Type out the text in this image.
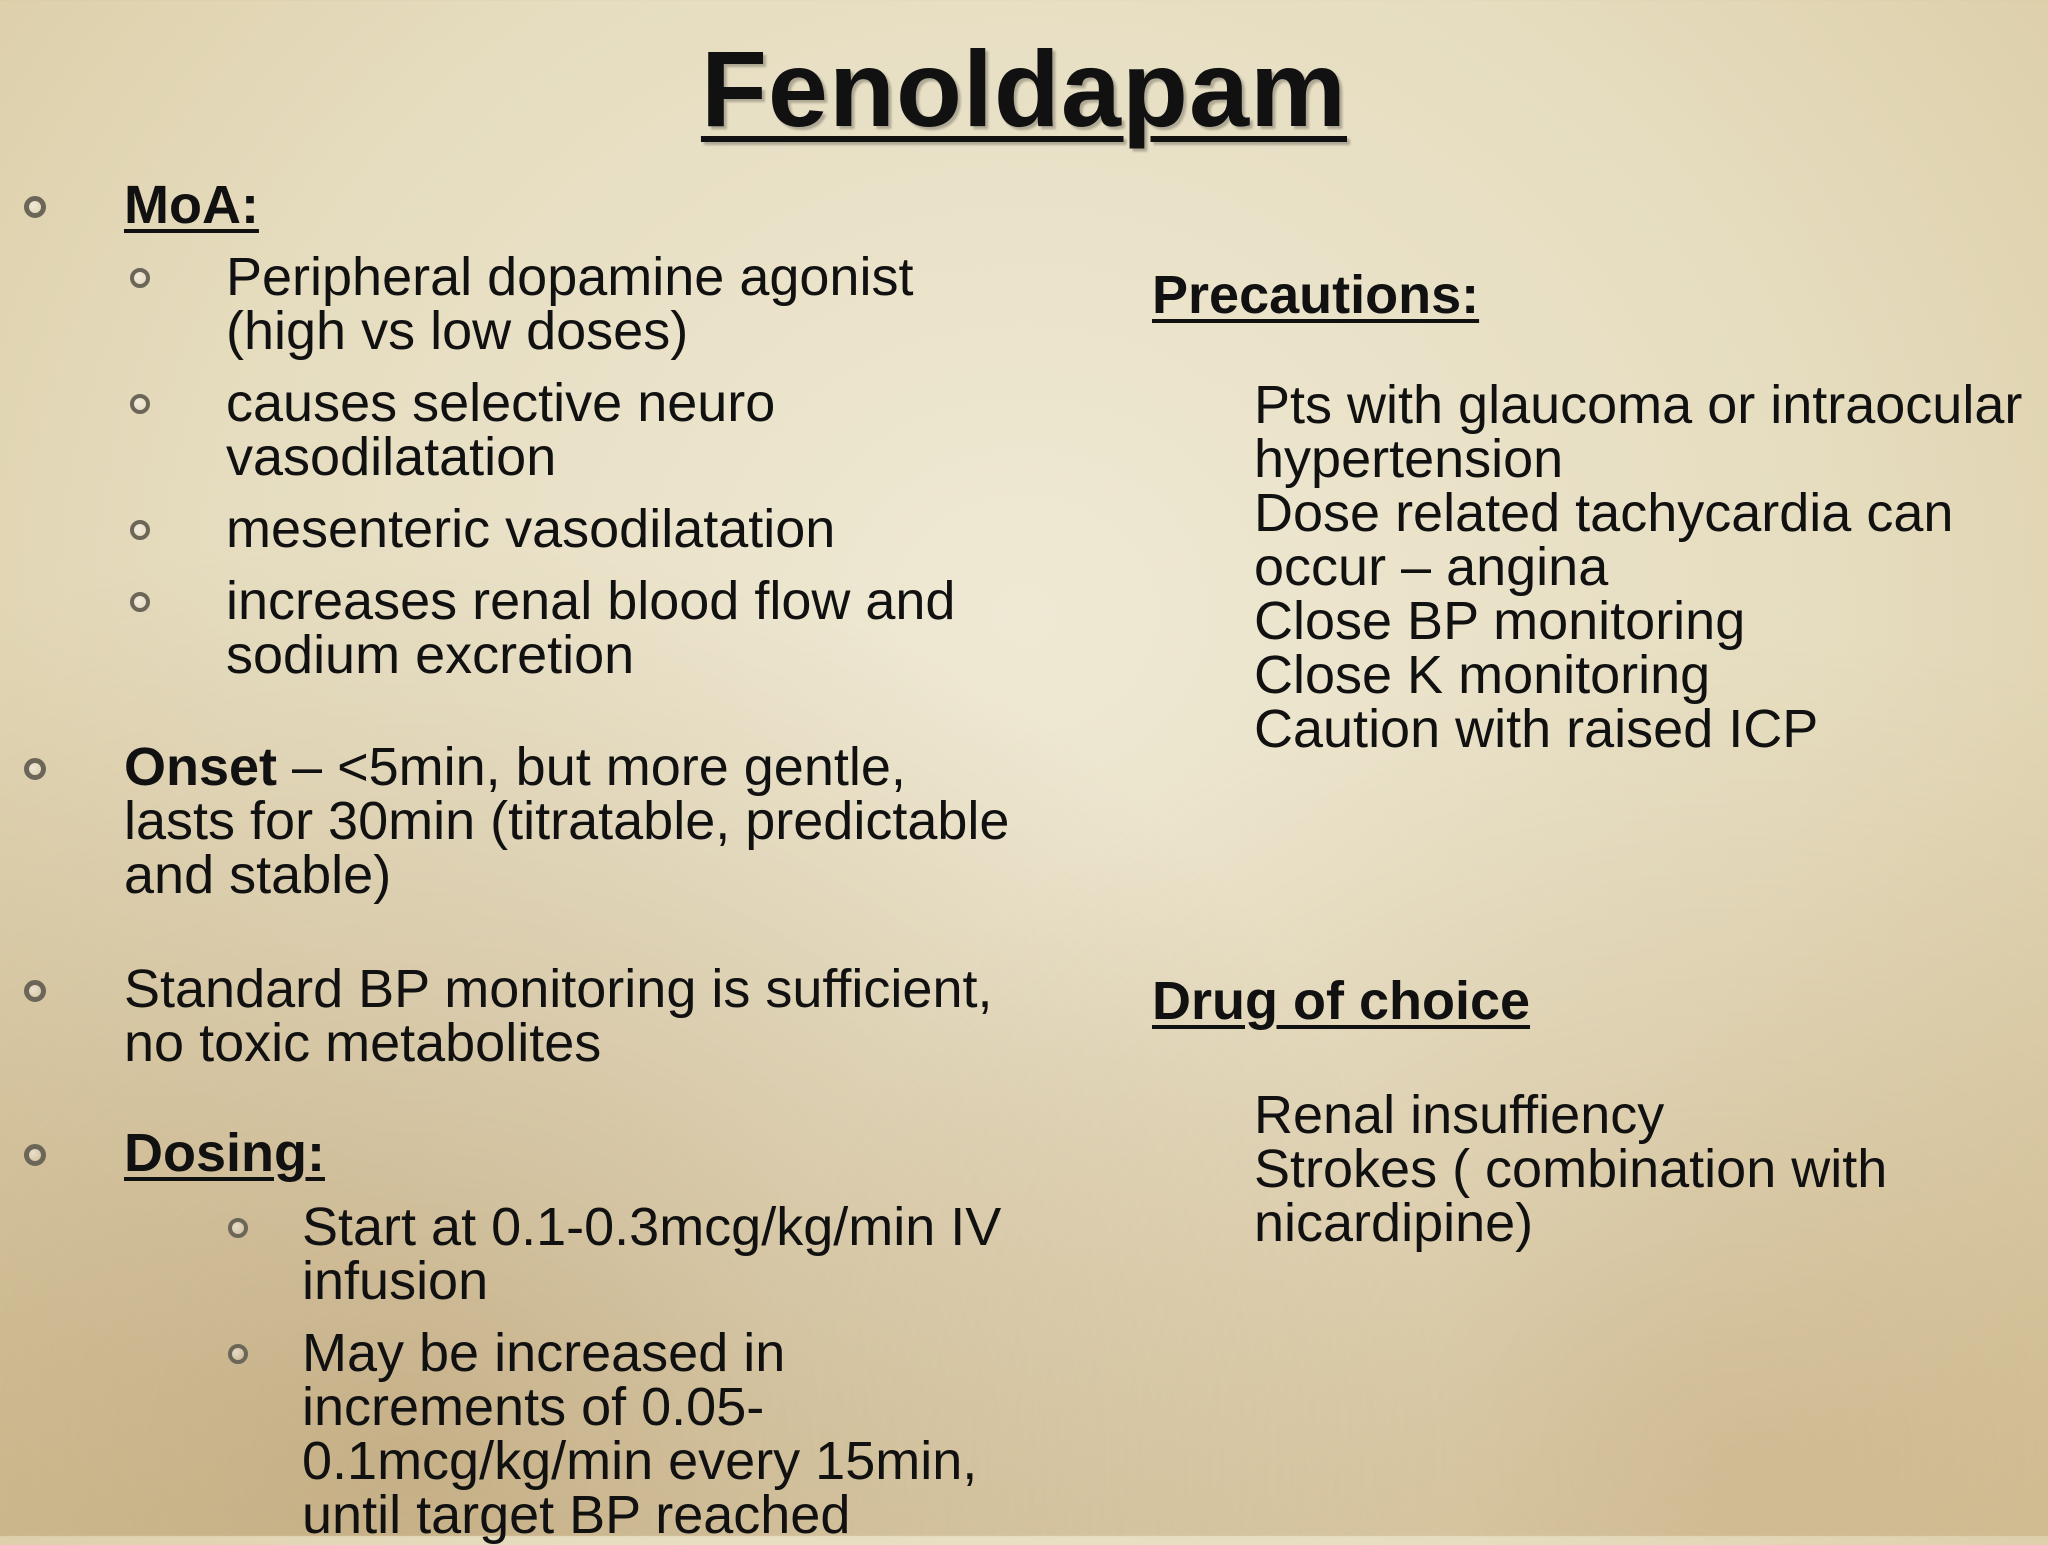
Fenoldapam
MoA:
Peripheral dopamine agonist
(high vs low doses)
causes selective neuro
vasodilatation
mesenteric vasodilatation
increases renal blood flow and
sodium excretion
Onset – <5min, but more gentle,
lasts for 30min (titratable, predictable
and stable)
Standard BP monitoring is sufficient,
no toxic metabolites
Dosing:
Start at 0.1-0.3mcg/kg/min IV
infusion
May be increased in
increments of 0.05-
0.1mcg/kg/min every 15min,
until target BP reached
Precautions:
Pts with glaucoma or intraocular
hypertension
Dose related tachycardia can
occur – angina
Close BP monitoring
Close K monitoring
Caution with raised ICP
Drug of choice
Renal insuffiency
Strokes ( combination with
nicardipine)
